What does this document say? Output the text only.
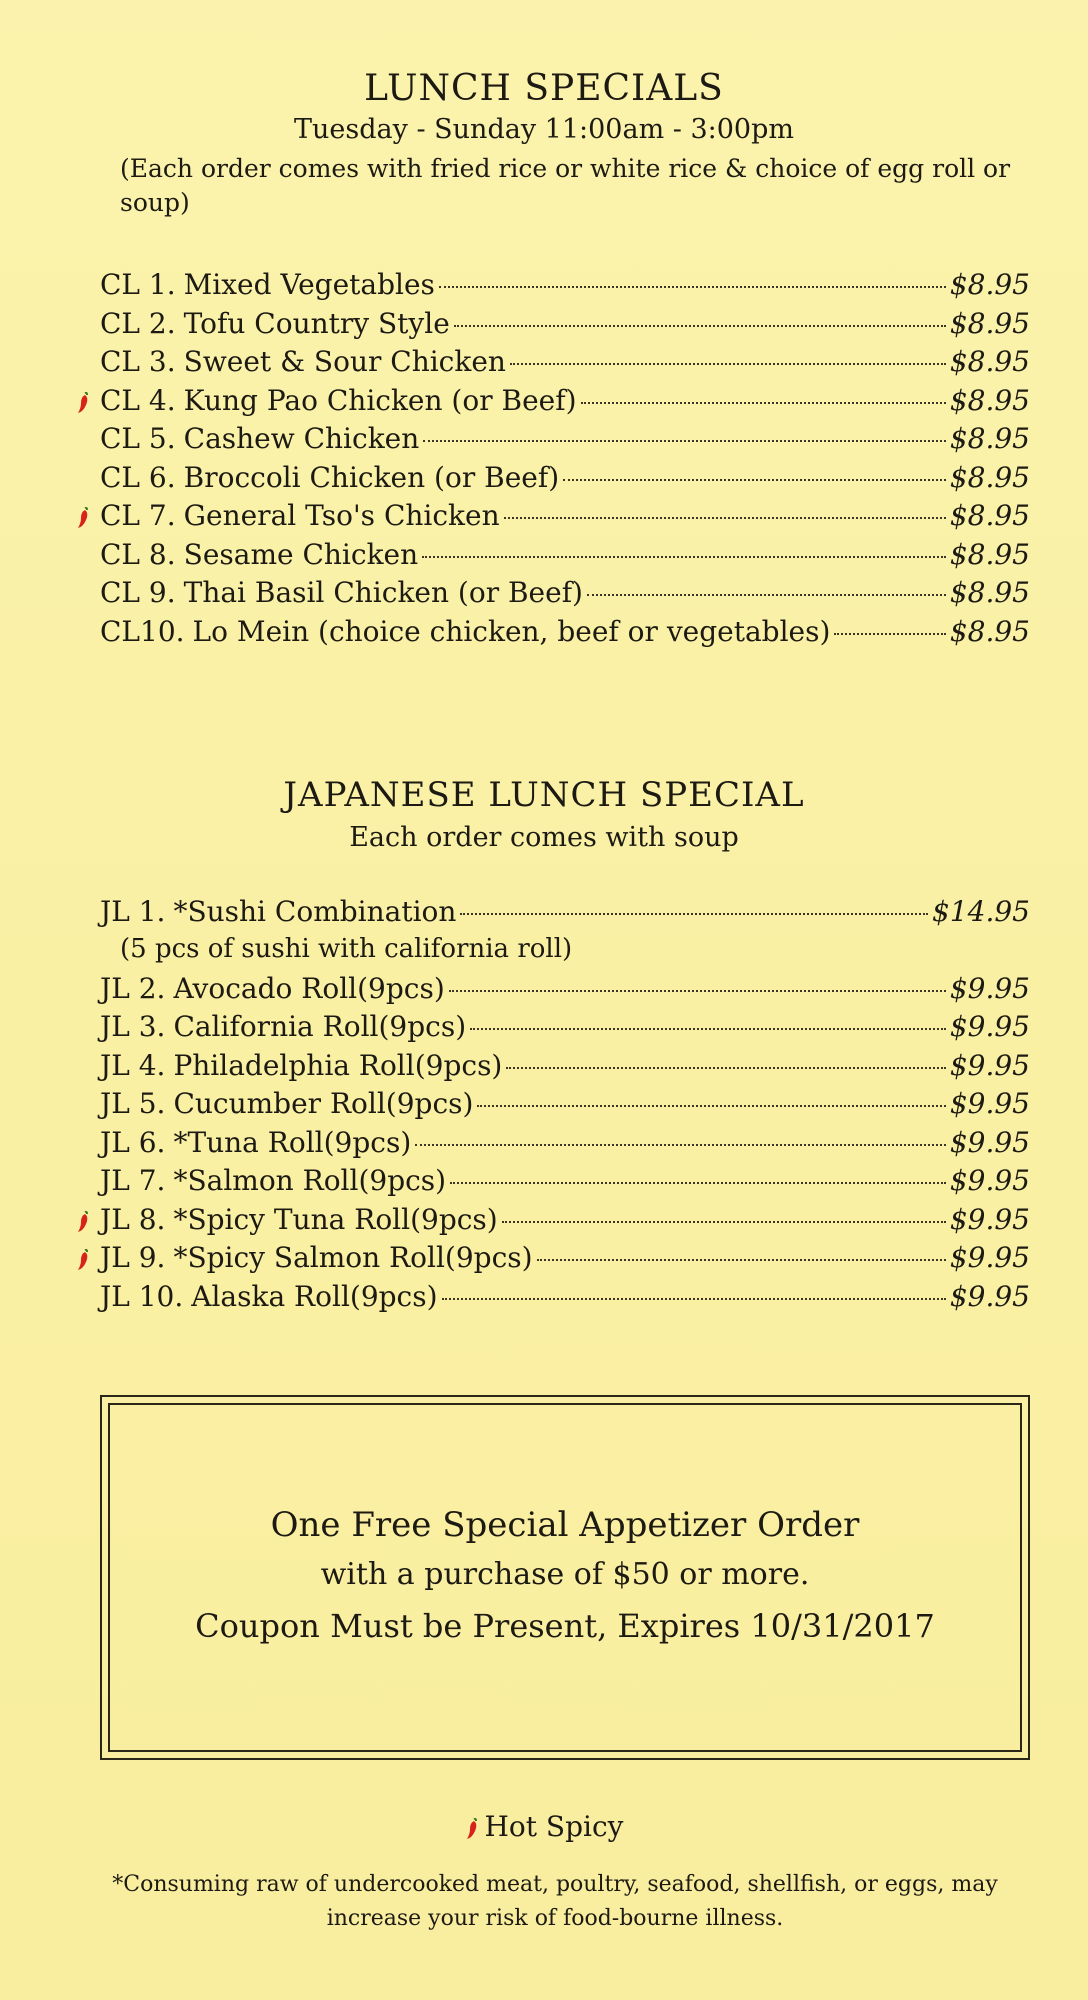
LUNCH SPECIALS
Tuesday - Sunday 11:00am - 3:00pm
(Each order comes with fried rice or white rice & choice of egg roll or soup)
CL 1. Mixed Vegetables	$8.95
CL 2. Tofu Country Style	$8.95
CL 3. Sweet & Sour Chicken	$8.95
CL 4. Kung Pao Chicken (or Beef)	$8.95
CL 5. Cashew Chicken	$8.95
CL 6. Broccoli Chicken (or Beef)	$8.95
CL 7. General Tso's Chicken	$8.95
CL 8. Sesame Chicken	$8.95
CL 9. Thai Basil Chicken (or Beef)	$8.95
CL10. Lo Mein (choice chicken, beef or vegetables)	$8.95
JAPANESE LUNCH SPECIAL
Each order comes with soup
JL 1. *Sushi Combination	$14.95
(5 pcs of sushi with california roll)
JL 2. Avocado Roll(9pcs)	$9.95
JL 3. California Roll(9pcs)	$9.95
JL 4. Philadelphia Roll(9pcs)	$9.95
JL 5. Cucumber Roll(9pcs)	$9.95
JL 6. *Tuna Roll(9pcs)	$9.95
JL 7. *Salmon Roll(9pcs)	$9.95
JL 8. *Spicy Tuna Roll(9pcs)	$9.95
JL 9. *Spicy Salmon Roll(9pcs)	$9.95
JL 10. Alaska Roll(9pcs)	$9.95
One Free Special Appetizer Order
with a purchase of $50 or more.
Coupon Must be Present, Expires 10/31/2017
Hot Spicy
*Consuming raw of undercooked meat, poultry, seafood, shellfish, or eggs, may increase your risk of food-bourne illness.
